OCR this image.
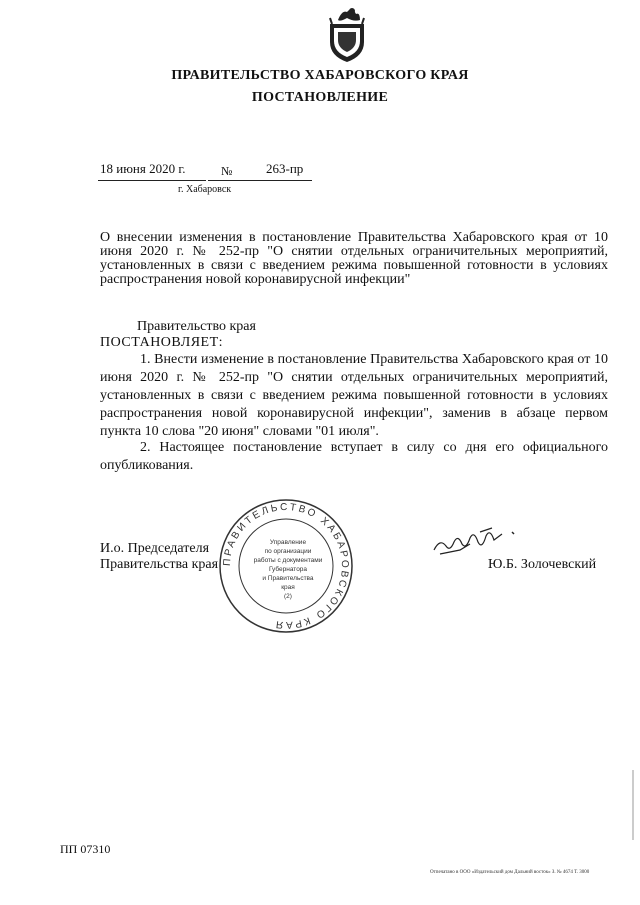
ПРАВИТЕЛЬСТВО ХАБАРОВСКОГО КРАЯ
ПОСТАНОВЛЕНИЕ
18 июня 2020 г.	№	263-пр
г. Хабаровск
О внесении изменения в постановление Правительства Хабаровского края от 10 июня 2020 г. № 252-пр "О снятии отдельных ограничительных мероприятий, установленных в связи с введением режима повышенной готовности в условиях распространения новой коронавирусной инфекции"
Правительство края
ПОСТАНОВЛЯЕТ:
1. Внести изменение в постановление Правительства Хабаровского края от 10 июня 2020 г. № 252-пр "О снятии отдельных ограничительных мероприятий, установленных в связи с введением режима повышенной готовности в условиях распространения новой коронавирусной инфекции", заменив в абзаце первом пункта 10 слова "20 июня" словами "01 июля".
2. Настоящее постановление вступает в силу со дня его официального опубликования.
И.о. Председателя
Правительства края ПРАВИТЕЛЬСТВО ХАБАРОВСКОГО КРАЯ
Управление
по организации
работы с документами
Губернатора
и Правительства
края
(2)
Ю.Б. Золочевский
ПП 07310
Отпечатано в ООО «Издательский дом Дальний восток» З. № 4674 Т. 3000
